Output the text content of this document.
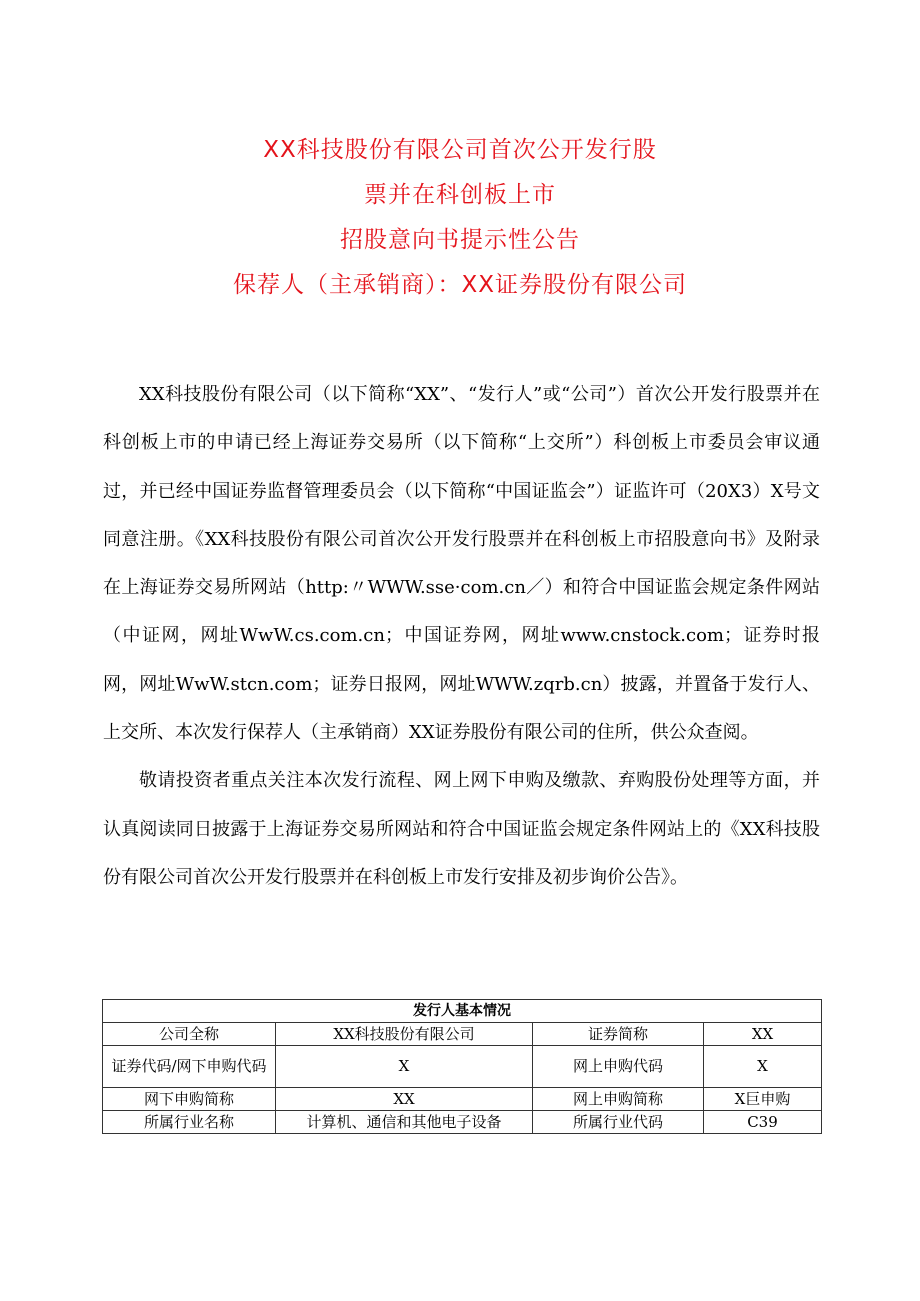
XX科技股份有限公司首次公开发行股
票并在科创板上市
招股意向书提示性公告
保荐人（主承销商）：XX证券股份有限公司

XX科技股份有限公司（以下简称“XX”、“发行人”或“公司”）首次公开发行股票并在科创板上市的申请已经上海证券交易所（以下简称“上交所”）科创板上市委员会审议通过，并已经中国证券监督管理委员会（以下简称“中国证监会”）证监许可（20X3）X号文同意注册。《XX科技股份有限公司首次公开发行股票并在科创板上市招股意向书》及附录在上海证券交易所网站（http:〃WWW.sse·com.cn／）和符合中国证监会规定条件网站（中证网，网址WwW.cs.com.cn；中国证券网，网址www.cnstock.com；证券时报网，网址WwW.stcn.com；证券日报网，网址WWW.zqrb.cn）披露，并置备于发行人、上交所、本次发行保荐人（主承销商）XX证券股份有限公司的住所，供公众查阅。

敬请投资者重点关注本次发行流程、网上网下申购及缴款、弃购股份处理等方面，并认真阅读同日披露于上海证券交易所网站和符合中国证监会规定条件网站上的《XX科技股份有限公司首次公开发行股票并在科创板上市发行安排及初步询价公告》。

发行人基本情况			
公司全称	XX科技股份有限公司	证券简称	XX
证券代码/网下申购代码	X	网上申购代码	X
网下申购简称	XX	网上申购简称	X巨申购
所属行业名称	计算机、通信和其他电子设备	所属行业代码	C39
